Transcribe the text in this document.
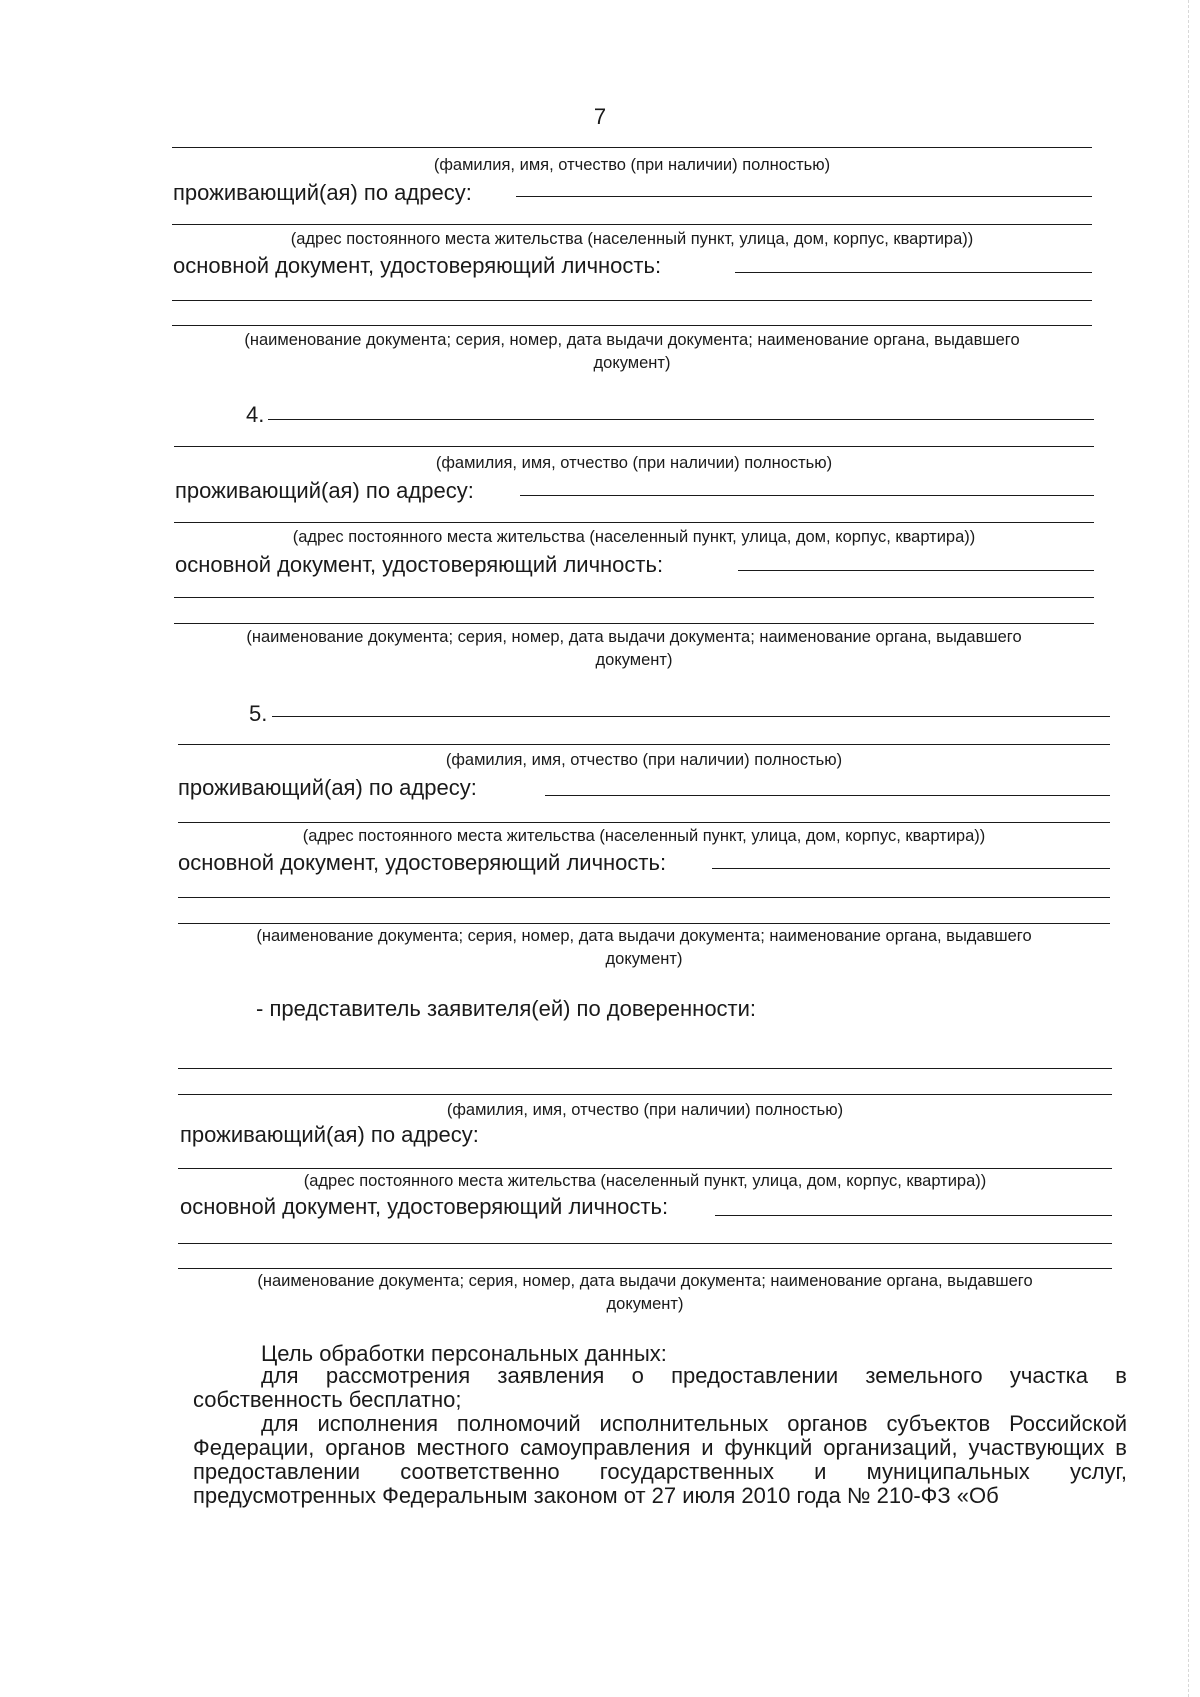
7
(фамилия, имя, отчество (при наличии) полностью)
проживающий(ая) по адресу:
(адрес постоянного места жительства (населенный пункт, улица, дом, корпус, квартира))
основной документ, удостоверяющий личность:
(наименование документа; серия, номер, дата выдачи документа; наименование органа, выдавшего
документ)
4.
(фамилия, имя, отчество (при наличии) полностью)
проживающий(ая) по адресу:
(адрес постоянного места жительства (населенный пункт, улица, дом, корпус, квартира))
основной документ, удостоверяющий личность:
(наименование документа; серия, номер, дата выдачи документа; наименование органа, выдавшего
документ)
5.
(фамилия, имя, отчество (при наличии) полностью)
проживающий(ая) по адресу:
(адрес постоянного места жительства (населенный пункт, улица, дом, корпус, квартира))
основной документ, удостоверяющий личность:
(наименование документа; серия, номер, дата выдачи документа; наименование органа, выдавшего
документ)
- представитель заявителя(ей) по доверенности:
(фамилия, имя, отчество (при наличии) полностью)
проживающий(ая) по адресу:
(адрес постоянного места жительства (населенный пункт, улица, дом, корпус, квартира))
основной документ, удостоверяющий личность:
(наименование документа; серия, номер, дата выдачи документа; наименование органа, выдавшего
документ)
Цель обработки персональных данных:
для рассмотрения заявления о предоставлении земельного участка в собственность бесплатно;
для исполнения полномочий исполнительных органов субъектов Российской Федерации, органов местного самоуправления и функций организаций, участвующих в предоставлении соответственно государственных и муниципальных услуг, предусмотренных Федеральным законом от 27 июля 2010 года № 210-ФЗ «Об
